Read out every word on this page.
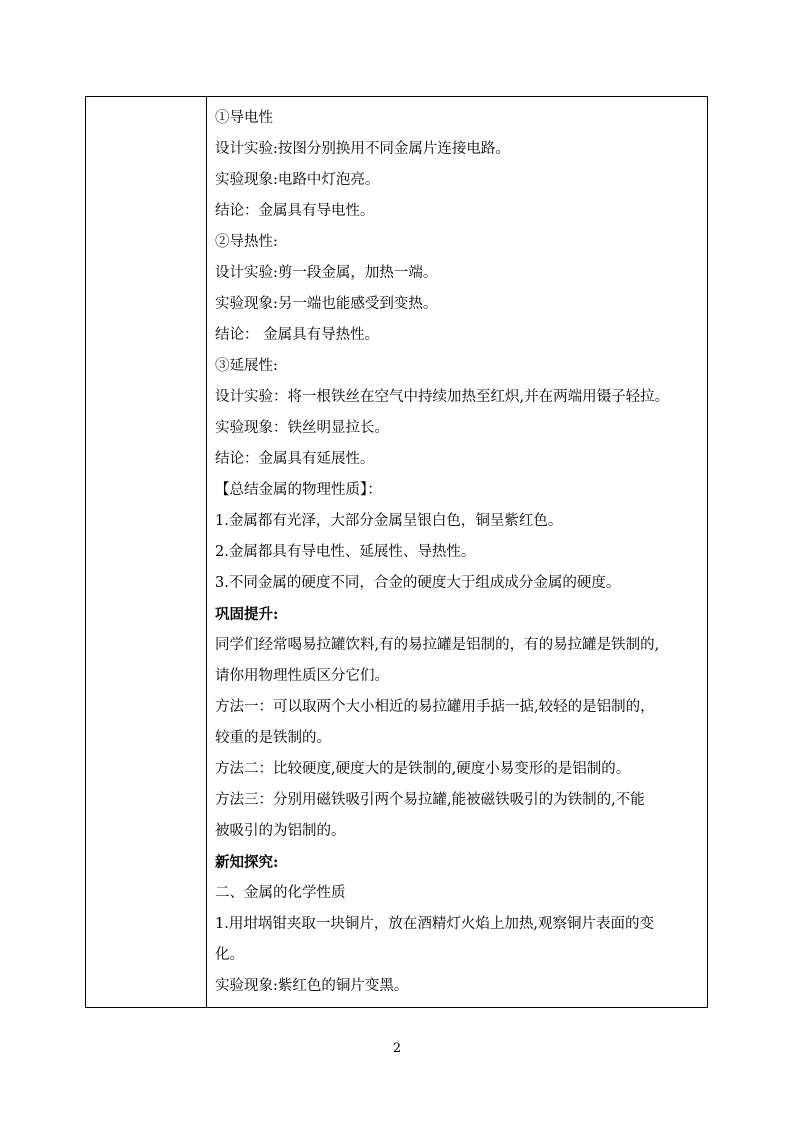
①导电性

设计实验:按图分别换用不同金属片连接电路。

实验现象:电路中灯泡亮。

结论：金属具有导电性。

②导热性:

设计实验:剪一段金属，加热一端。

实验现象:另一端也能感受到变热。

结论： 金属具有导热性。

③延展性:

设计实验：将一根铁丝在空气中持续加热至红炽,并在两端用镊子轻拉。

实验现象：铁丝明显拉长。

结论：金属具有延展性。

【总结金属的物理性质】：

1.金属都有光泽，大部分金属呈银白色，铜呈紫红色。

2.金属都具有导电性、延展性、导热性。

3.不同金属的硬度不同，合金的硬度大于组成成分金属的硬度。

巩固提升:

同学们经常喝易拉罐饮料,有的易拉罐是铝制的，有的易拉罐是铁制的,

请你用物理性质区分它们。

方法一：可以取两个大小相近的易拉罐用手掂一掂,较轻的是铝制的，

较重的是铁制的。

方法二：比较硬度,硬度大的是铁制的,硬度小易变形的是铝制的。

方法三：分别用磁铁吸引两个易拉罐,能被磁铁吸引的为铁制的,不能

被吸引的为铝制的。

新知探究:

二、金属的化学性质

1.用坩埚钳夹取一块铜片，放在酒精灯火焰上加热,观察铜片表面的变

化。

实验现象:紫红色的铜片变黑。

2
